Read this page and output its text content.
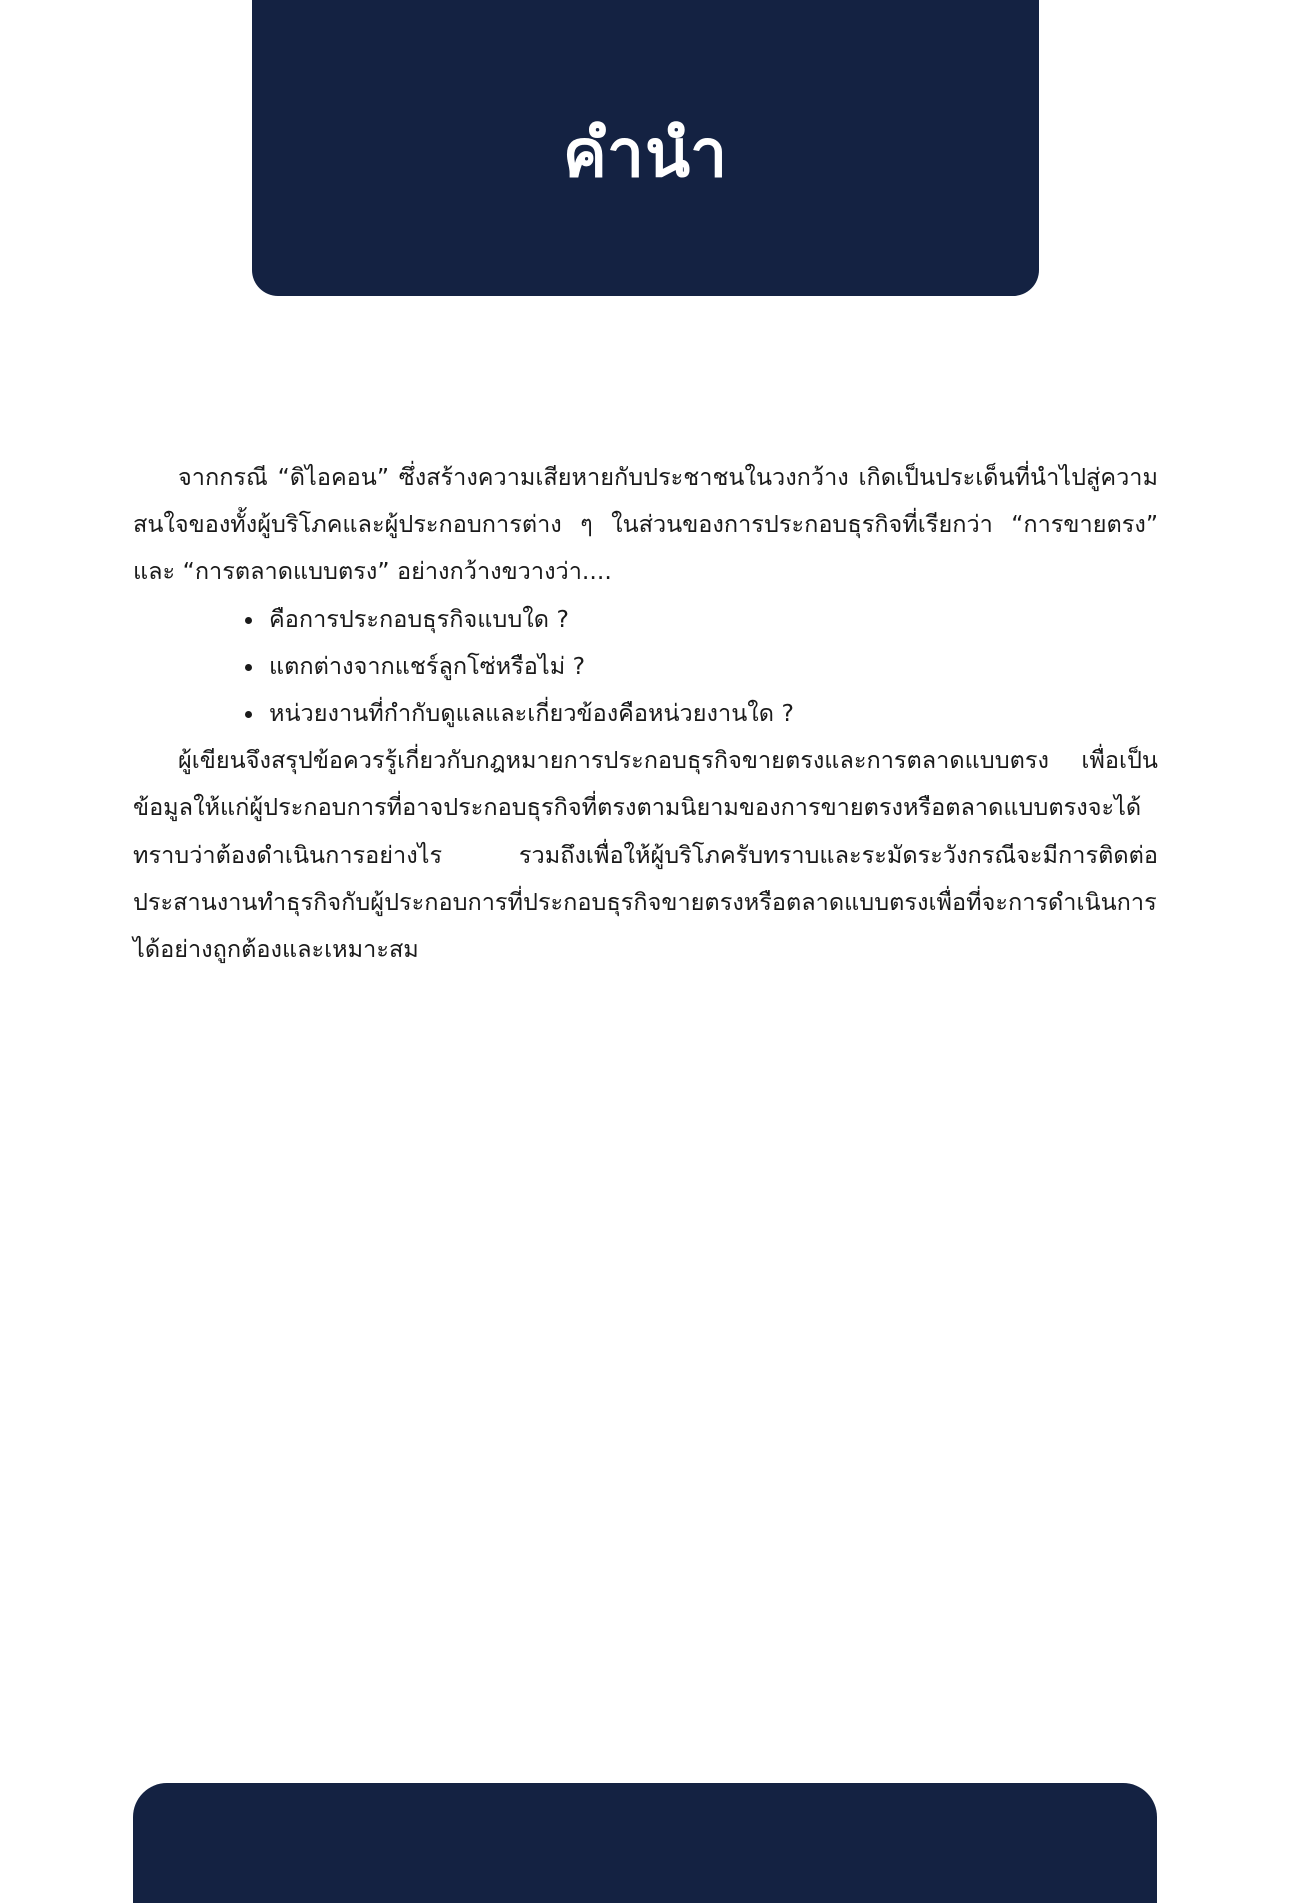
คำนำ

จากกรณี “ดิไอคอน” ซึ่งสร้างความเสียหายกับประชาชนในวงกว้าง เกิดเป็นประเด็นที่นำไปสู่ความสนใจของทั้งผู้บริโภคและผู้ประกอบการต่าง ๆ ในส่วนของการประกอบธุรกิจที่เรียกว่า “การขายตรง” และ “การตลาดแบบตรง” อย่างกว้างขวางว่า....

คือการประกอบธุรกิจแบบใด ?
แตกต่างจากแชร์ลูกโซ่หรือไม่ ?
หน่วยงานที่กำกับดูแลและเกี่ยวข้องคือหน่วยงานใด ?

ผู้เขียนจึงสรุปข้อควรรู้เกี่ยวกับกฎหมายการประกอบธุรกิจขายตรงและการตลาดแบบตรง เพื่อเป็นข้อมูลให้แก่ผู้ประกอบการที่อาจประกอบธุรกิจที่ตรงตามนิยามของการขายตรงหรือตลาดแบบตรงจะได้ทราบว่าต้องดำเนินการอย่างไร รวมถึงเพื่อให้ผู้บริโภครับทราบและระมัดระวังกรณีจะมีการติดต่อประสานงานทำธุรกิจกับผู้ประกอบการที่ประกอบธุรกิจขายตรงหรือตลาดแบบตรงเพื่อที่จะการดำเนินการได้อย่างถูกต้องและเหมาะสม
